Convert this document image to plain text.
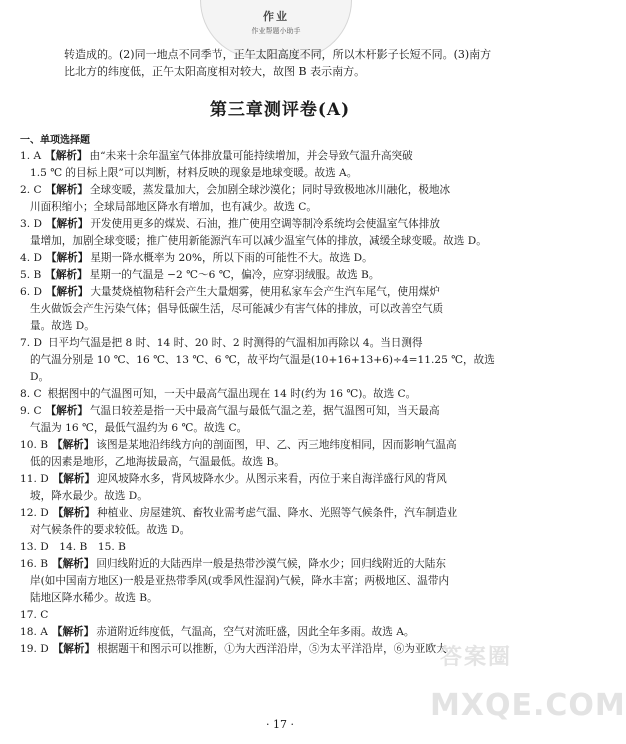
作业
作业帮题小助手

转造成的。(2)同一地点不同季节，正午太阳高度不同，所以木杆影子长短不同。(3)南方

比北方的纬度低，正午太阳高度相对较大，故图 B 表示南方。

第三章测评卷(A)
一、单项选择题
1. A 【解析】 由“未来十余年温室气体排放量可能持续增加，并会导致气温升高突破
1.5 ℃ 的目标上限”可以判断，材料反映的现象是地球变暖。故选 A。
2. C 【解析】 全球变暖，蒸发量加大，会加剧全球沙漠化；同时导致极地冰川融化，极地冰
川面积缩小；全球局部地区降水有增加，也有减少。故选 C。
3. D 【解析】 开发使用更多的煤炭、石油，推广使用空调等制冷系统均会使温室气体排放
量增加，加剧全球变暖；推广使用新能源汽车可以减少温室气体的排放，减缓全球变暖。故选 D。
4. D 【解析】 星期一降水概率为 20%，所以下雨的可能性不大。故选 D。
5. B 【解析】 星期一的气温是 −2 ℃～6 ℃，偏冷，应穿羽绒服。故选 B。
6. D 【解析】 大量焚烧植物秸秆会产生大量烟雾，使用私家车会产生汽车尾气，使用煤炉
生火做饭会产生污染气体；倡导低碳生活，尽可能减少有害气体的排放，可以改善空气质
量。故选 D。
7. D 日平均气温是把 8 时、14 时、20 时、2 时测得的气温相加再除以 4。当日测得
的气温分别是 10 ℃、16 ℃、13 ℃、6 ℃，故平均气温是(10+16+13+6)÷4=11.25 ℃，故选
D。
8. C 根据图中的气温图可知，一天中最高气温出现在 14 时(约为 16 ℃)。故选 C。
9. C 【解析】 气温日较差是指一天中最高气温与最低气温之差，据气温图可知，当天最高
气温为 16 ℃，最低气温约为 6 ℃。故选 C。
10. B 【解析】 该图是某地沿纬线方向的剖面图，甲、乙、丙三地纬度相同，因而影响气温高
低的因素是地形，乙地海拔最高，气温最低。故选 B。
11. D 【解析】 迎风坡降水多，背风坡降水少。从图示来看，丙位于来自海洋盛行风的背风
坡，降水最少。故选 D。
12. D 【解析】 种植业、房屋建筑、畜牧业需考虑气温、降水、光照等气候条件，汽车制造业
对气候条件的要求较低。故选 D。
13. D　14. B　15. B
16. B 【解析】 回归线附近的大陆西岸一般是热带沙漠气候，降水少；回归线附近的大陆东
岸(如中国南方地区)一般是亚热带季风(或季风性湿润)气候，降水丰富；两极地区、温带内
陆地区降水稀少。故选 B。
17. C
18. A 【解析】 赤道附近纬度低，气温高，空气对流旺盛，因此全年多雨。故选 A。
19. D 【解析】 根据题干和图示可以推断，①为大西洋沿岸，⑤为太平洋沿岸，⑥为亚欧大
· 17 ·
答案圈
MXQE.COM
